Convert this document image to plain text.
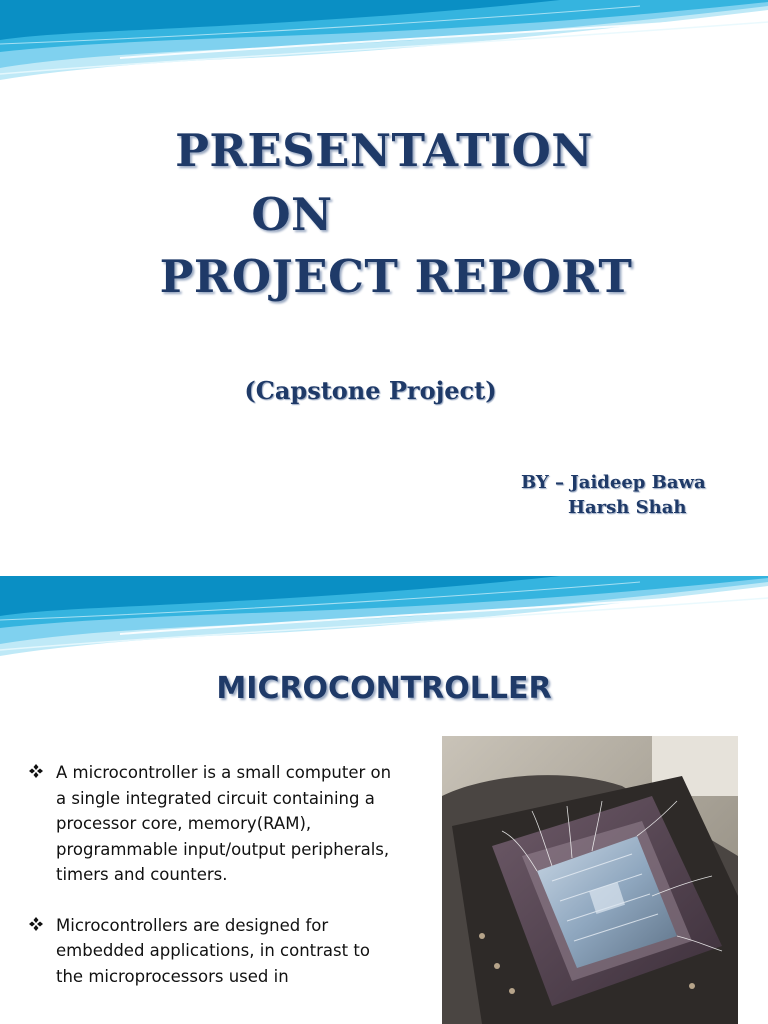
PRESENTATION
ON
PROJECT REPORT
(Capstone Project)
BY – Jaideep Bawa
Harsh Shah
MICROCONTROLLER
A microcontroller is a small computer on a single integrated circuit containing a processor core, memory(RAM), programmable input/output peripherals, timers and counters.
Microcontrollers are designed for embedded applications, in contrast to the microprocessors used in
